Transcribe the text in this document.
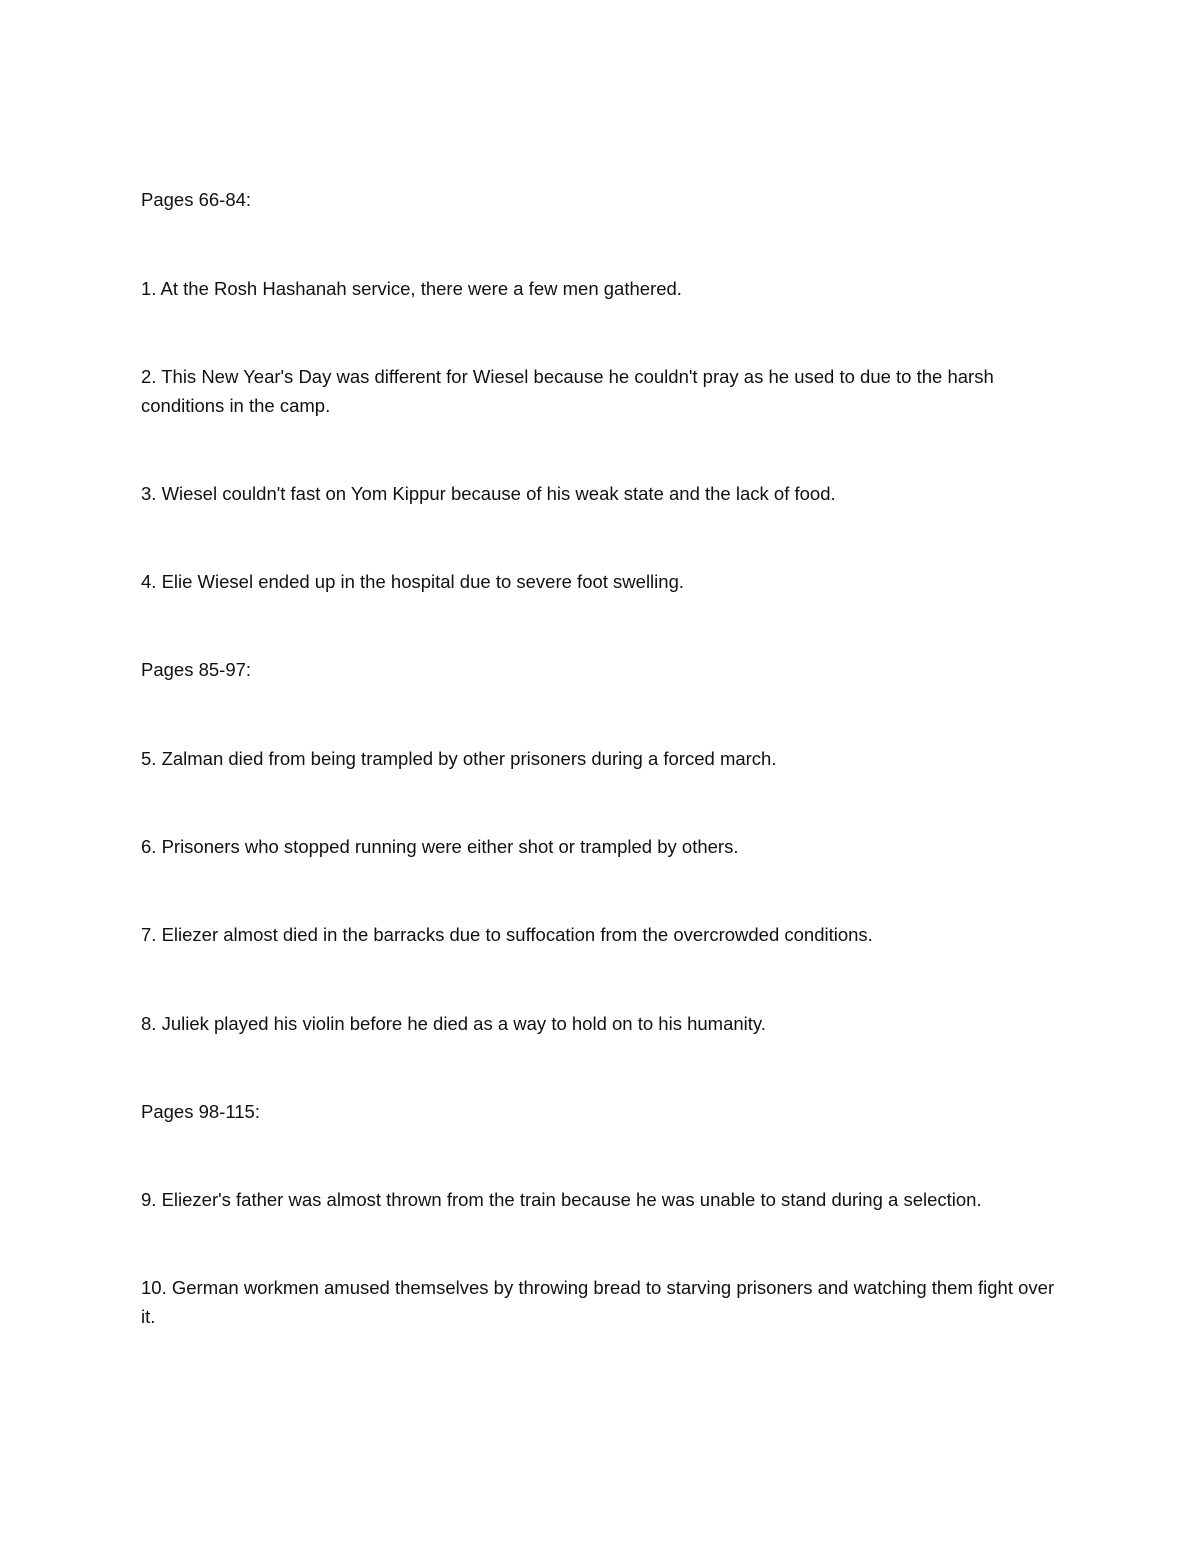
Pages 66-84:
1. At the Rosh Hashanah service, there were a few men gathered.
2. This New Year's Day was different for Wiesel because he couldn't pray as he used to due to the harsh conditions in the camp.
3. Wiesel couldn't fast on Yom Kippur because of his weak state and the lack of food.
4. Elie Wiesel ended up in the hospital due to severe foot swelling.
Pages 85-97:
5. Zalman died from being trampled by other prisoners during a forced march.
6. Prisoners who stopped running were either shot or trampled by others.
7. Eliezer almost died in the barracks due to suffocation from the overcrowded conditions.
8. Juliek played his violin before he died as a way to hold on to his humanity.
Pages 98-115:
9. Eliezer's father was almost thrown from the train because he was unable to stand during a selection.
10. German workmen amused themselves by throwing bread to starving prisoners and watching them fight over it.
